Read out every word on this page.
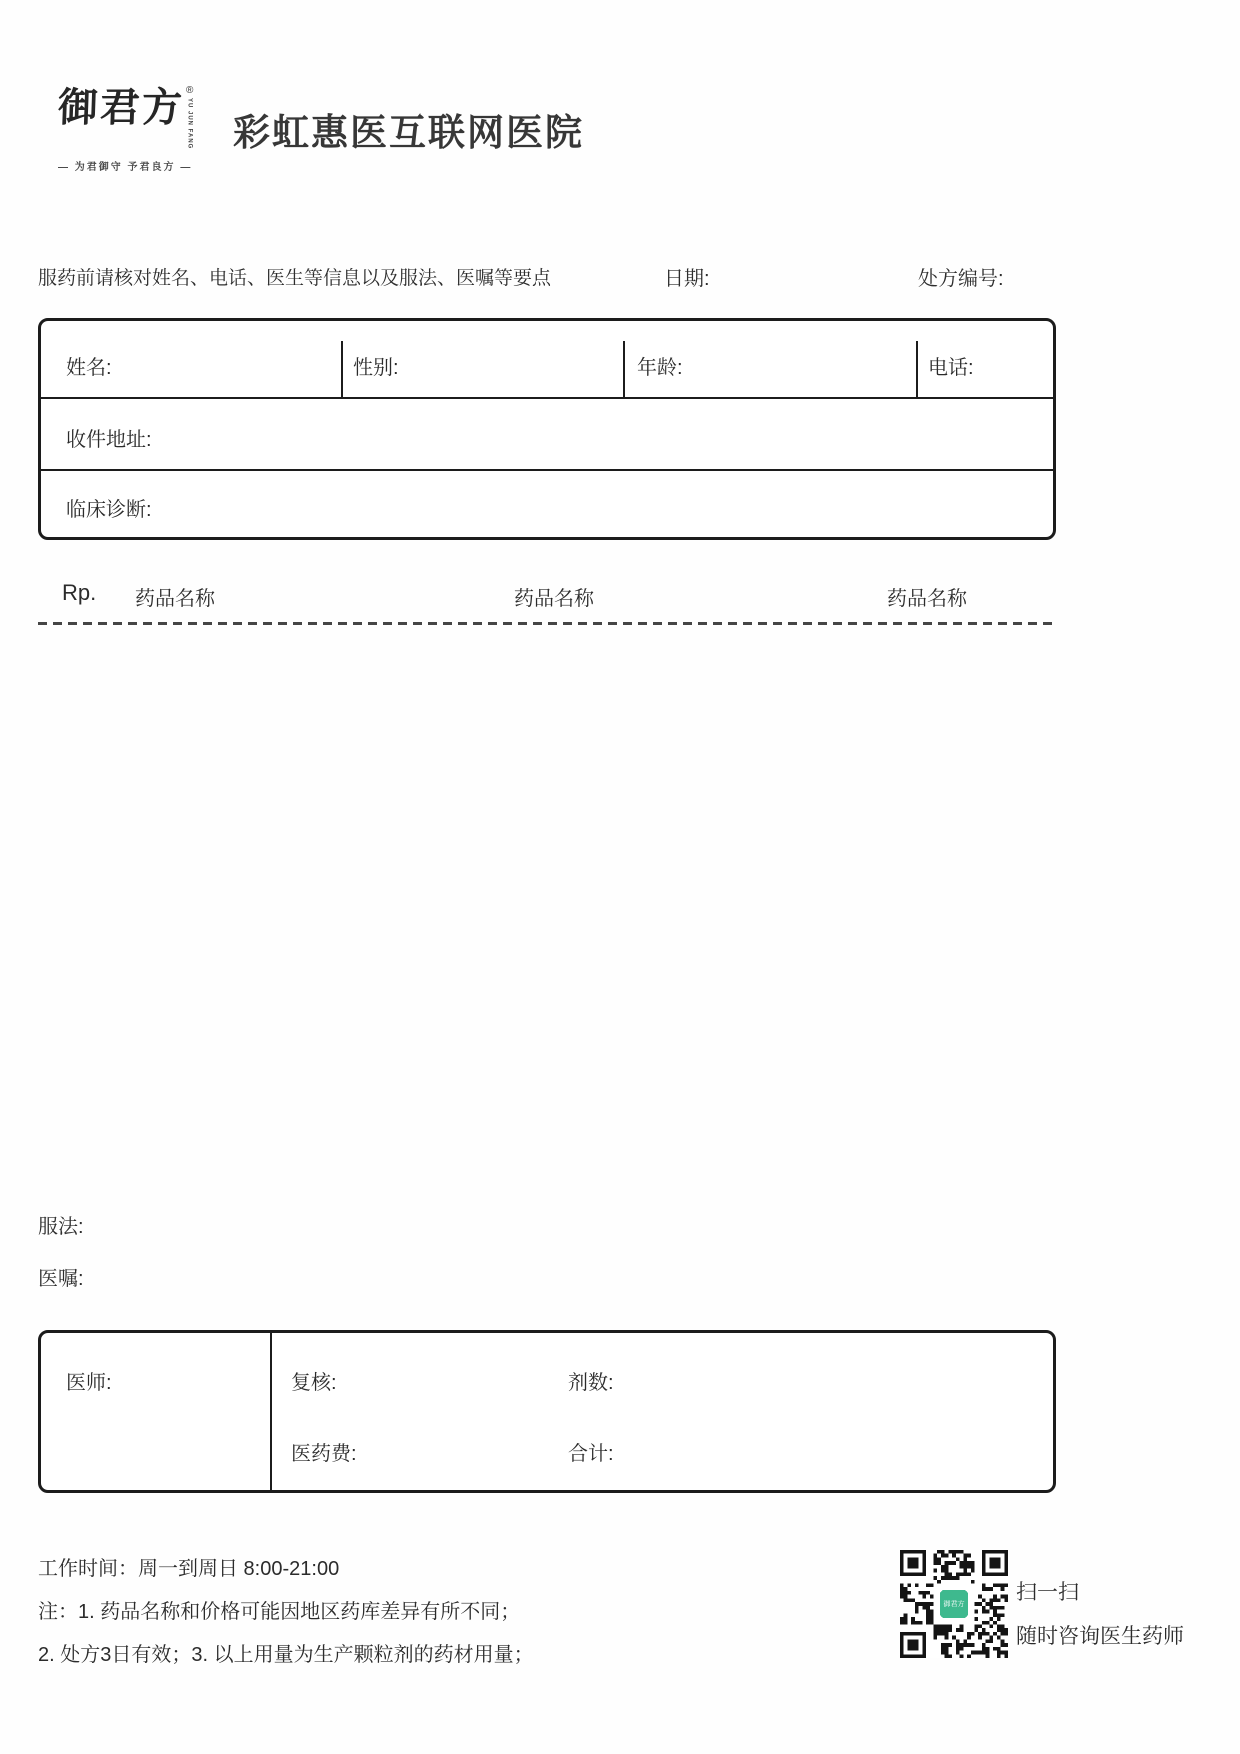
御君方 ®
YU JUN FANG
— 为君御守 予君良方 —
彩虹惠医互联网医院
服药前请核对姓名、电话、医生等信息以及服法、医嘱等要点	日期:	处方编号:
姓名:	性别:	年龄:	电话:
收件地址:
临床诊断:
Rp. 药品名称	药品名称	药品名称
服法:
医嘱:
医师:	复核:	剂数:
医药费:	合计:
工作时间：周一到周日 8:00-21:00
注：1. 药品名称和价格可能因地区药库差异有所不同；
2. 处方3日有效；3. 以上用量为生产颗粒剂的药材用量；
御君方
扫一扫
随时咨询医生药师
